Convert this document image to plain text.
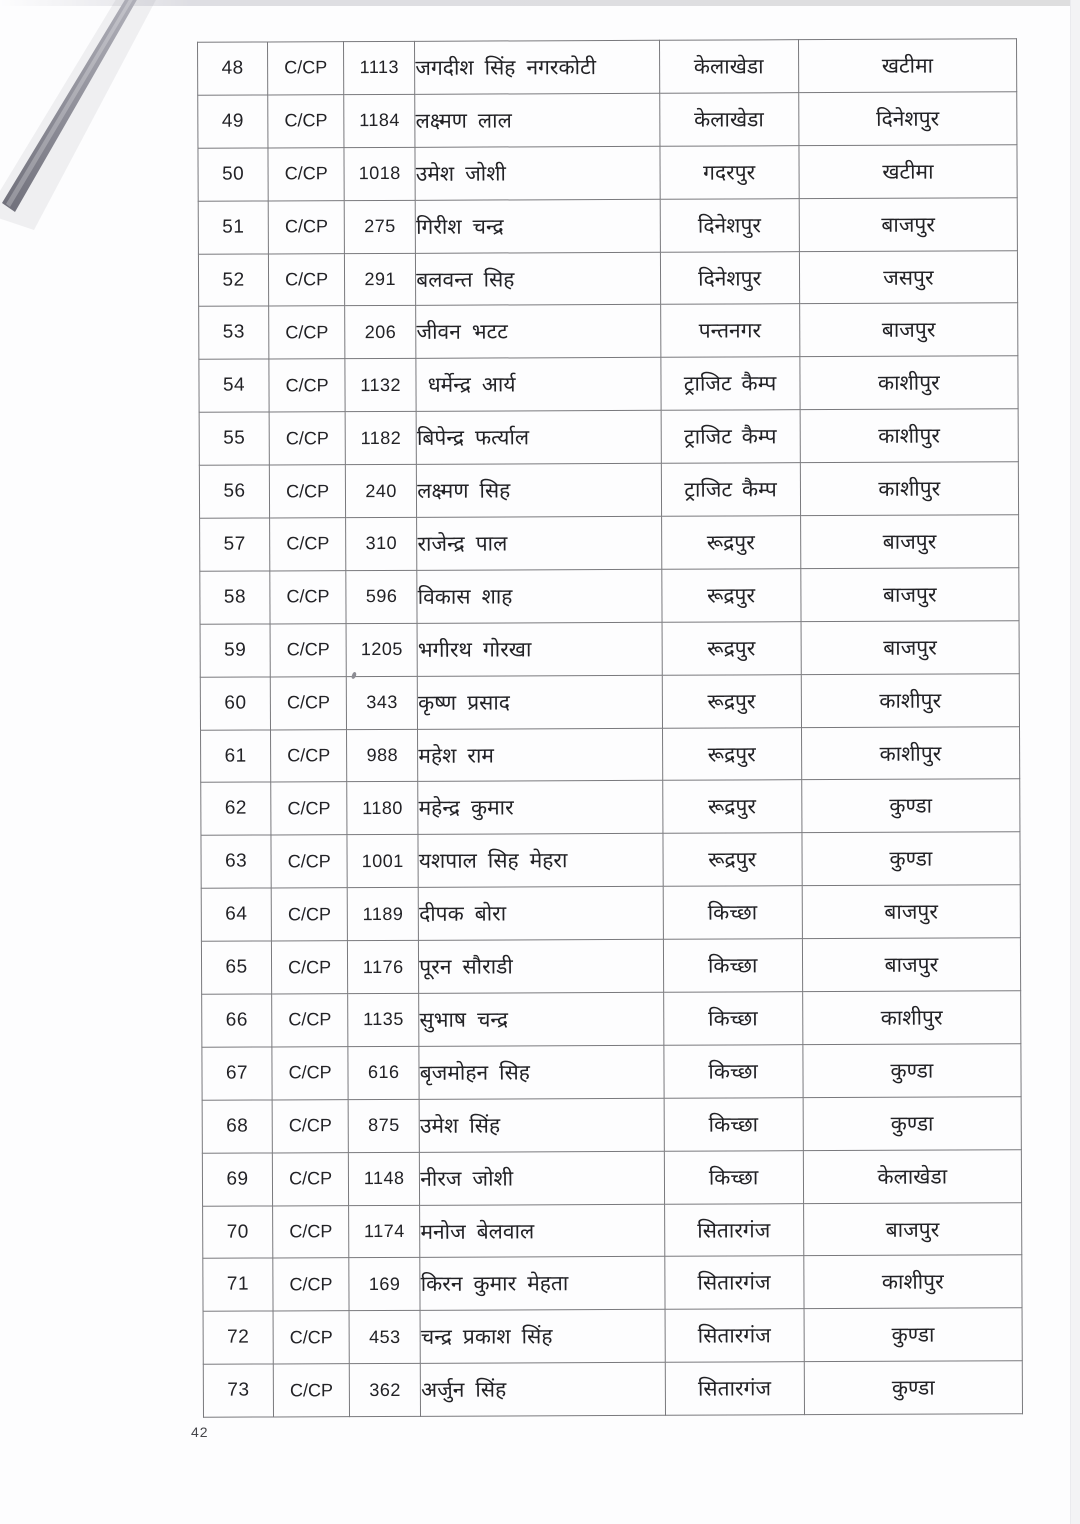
48	C/CP	1113	जगदीश सिंह नगरकोटी	केलाखेडा	खटीमा
49	C/CP	1184	लक्ष्मण लाल	केलाखेडा	दिनेशपुर
50	C/CP	1018	उमेश जोशी	गदरपुर	खटीमा
51	C/CP	275	गिरीश चन्द्र	दिनेशपुर	बाजपुर
52	C/CP	291	बलवन्त सिह	दिनेशपुर	जसपुर
53	C/CP	206	जीवन भटट	पन्तनगर	बाजपुर
54	C/CP	1132	धर्मेन्द्र आर्य	ट्राजिट कैम्प	काशीपुर
55	C/CP	1182	बिपेन्द्र फर्त्याल	ट्राजिट कैम्प	काशीपुर
56	C/CP	240	लक्ष्मण सिह	ट्राजिट कैम्प	काशीपुर
57	C/CP	310	राजेन्द्र पाल	रूद्रपुर	बाजपुर
58	C/CP	596	विकास शाह	रूद्रपुर	बाजपुर
59	C/CP	1205	भगीरथ गोरखा	रूद्रपुर	बाजपुर
60	C/CP	343	कृष्ण प्रसाद	रूद्रपुर	काशीपुर
61	C/CP	988	महेश राम	रूद्रपुर	काशीपुर
62	C/CP	1180	महेन्द्र कुमार	रूद्रपुर	कुण्डा
63	C/CP	1001	यशपाल सिह मेहरा	रूद्रपुर	कुण्डा
64	C/CP	1189	दीपक बोरा	किच्छा	बाजपुर
65	C/CP	1176	पूरन सौराडी	किच्छा	बाजपुर
66	C/CP	1135	सुभाष चन्द्र	किच्छा	काशीपुर
67	C/CP	616	बृजमोहन सिह	किच्छा	कुण्डा
68	C/CP	875	उमेश सिंह	किच्छा	कुण्डा
69	C/CP	1148	नीरज जोशी	किच्छा	केलाखेडा
70	C/CP	1174	मनोज बेलवाल	सितारगंज	बाजपुर
71	C/CP	169	किरन कुमार मेहता	सितारगंज	काशीपुर
72	C/CP	453	चन्द्र प्रकाश सिंह	सितारगंज	कुण्डा
73	C/CP	362	अर्जुन सिंह	सितारगंज	कुण्डा
42
